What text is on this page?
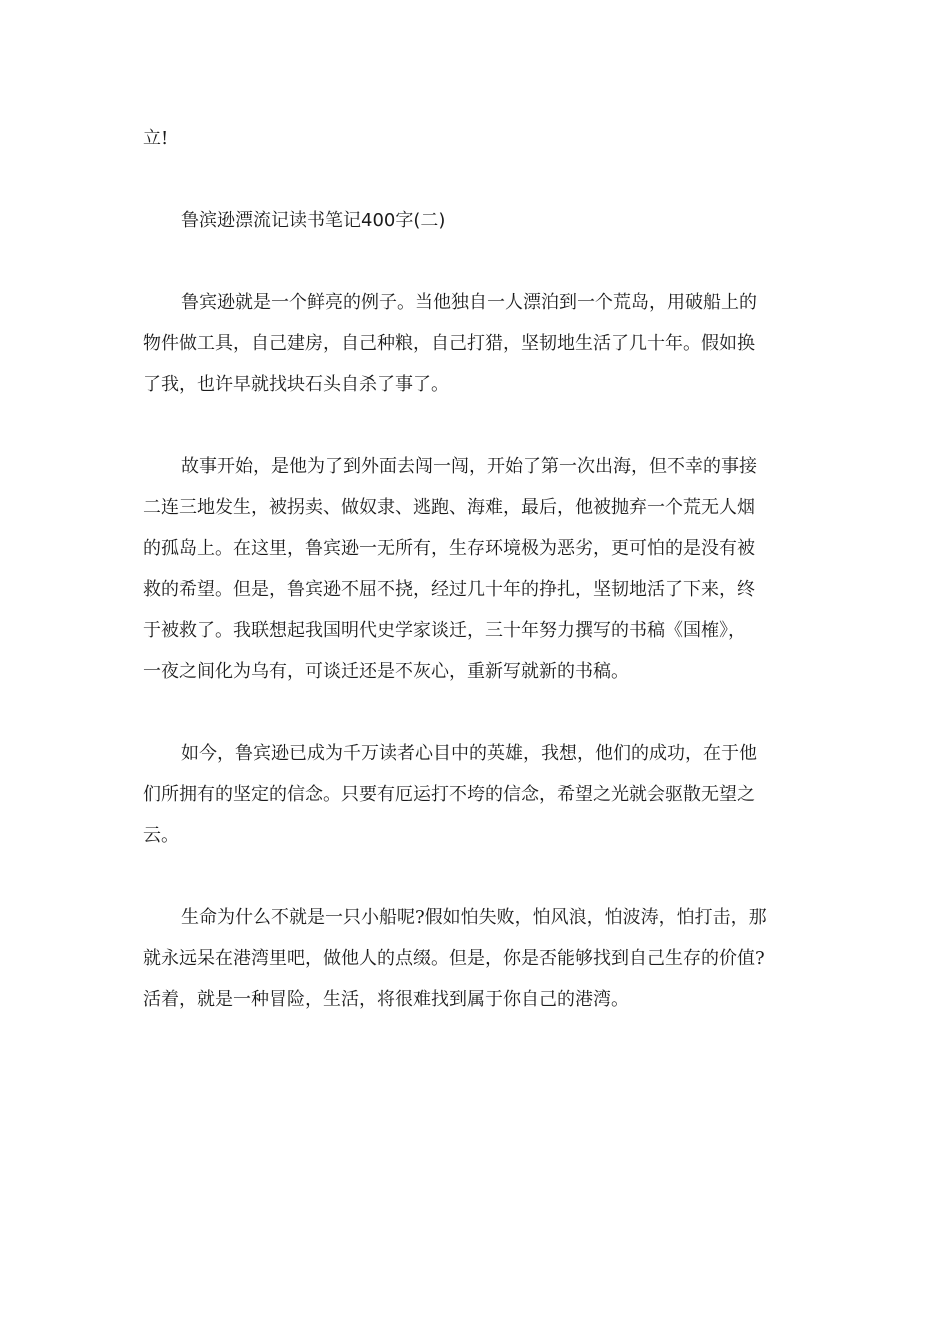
立!
鲁滨逊漂流记读书笔记400字(二)
鲁宾逊就是一个鲜亮的例子。当他独自一人漂泊到一个荒岛，用破船上的
物件做工具，自己建房，自己种粮，自己打猎，坚韧地生活了几十年。假如换
了我，也许早就找块石头自杀了事了。
故事开始，是他为了到外面去闯一闯，开始了第一次出海，但不幸的事接
二连三地发生，被拐卖、做奴隶、逃跑、海难，最后，他被抛弃一个荒无人烟
的孤岛上。在这里，鲁宾逊一无所有，生存环境极为恶劣，更可怕的是没有被
救的希望。但是，鲁宾逊不屈不挠，经过几十年的挣扎，坚韧地活了下来，终
于被救了。我联想起我国明代史学家谈迁，三十年努力撰写的书稿《国榷》，
一夜之间化为乌有，可谈迁还是不灰心，重新写就新的书稿。
如今，鲁宾逊已成为千万读者心目中的英雄，我想，他们的成功，在于他
们所拥有的坚定的信念。只要有厄运打不垮的信念，希望之光就会驱散无望之
云。
生命为什么不就是一只小船呢?假如怕失败，怕风浪，怕波涛，怕打击，那
就永远呆在港湾里吧，做他人的点缀。但是，你是否能够找到自己生存的价值?
活着，就是一种冒险，生活，将很难找到属于你自己的港湾。
